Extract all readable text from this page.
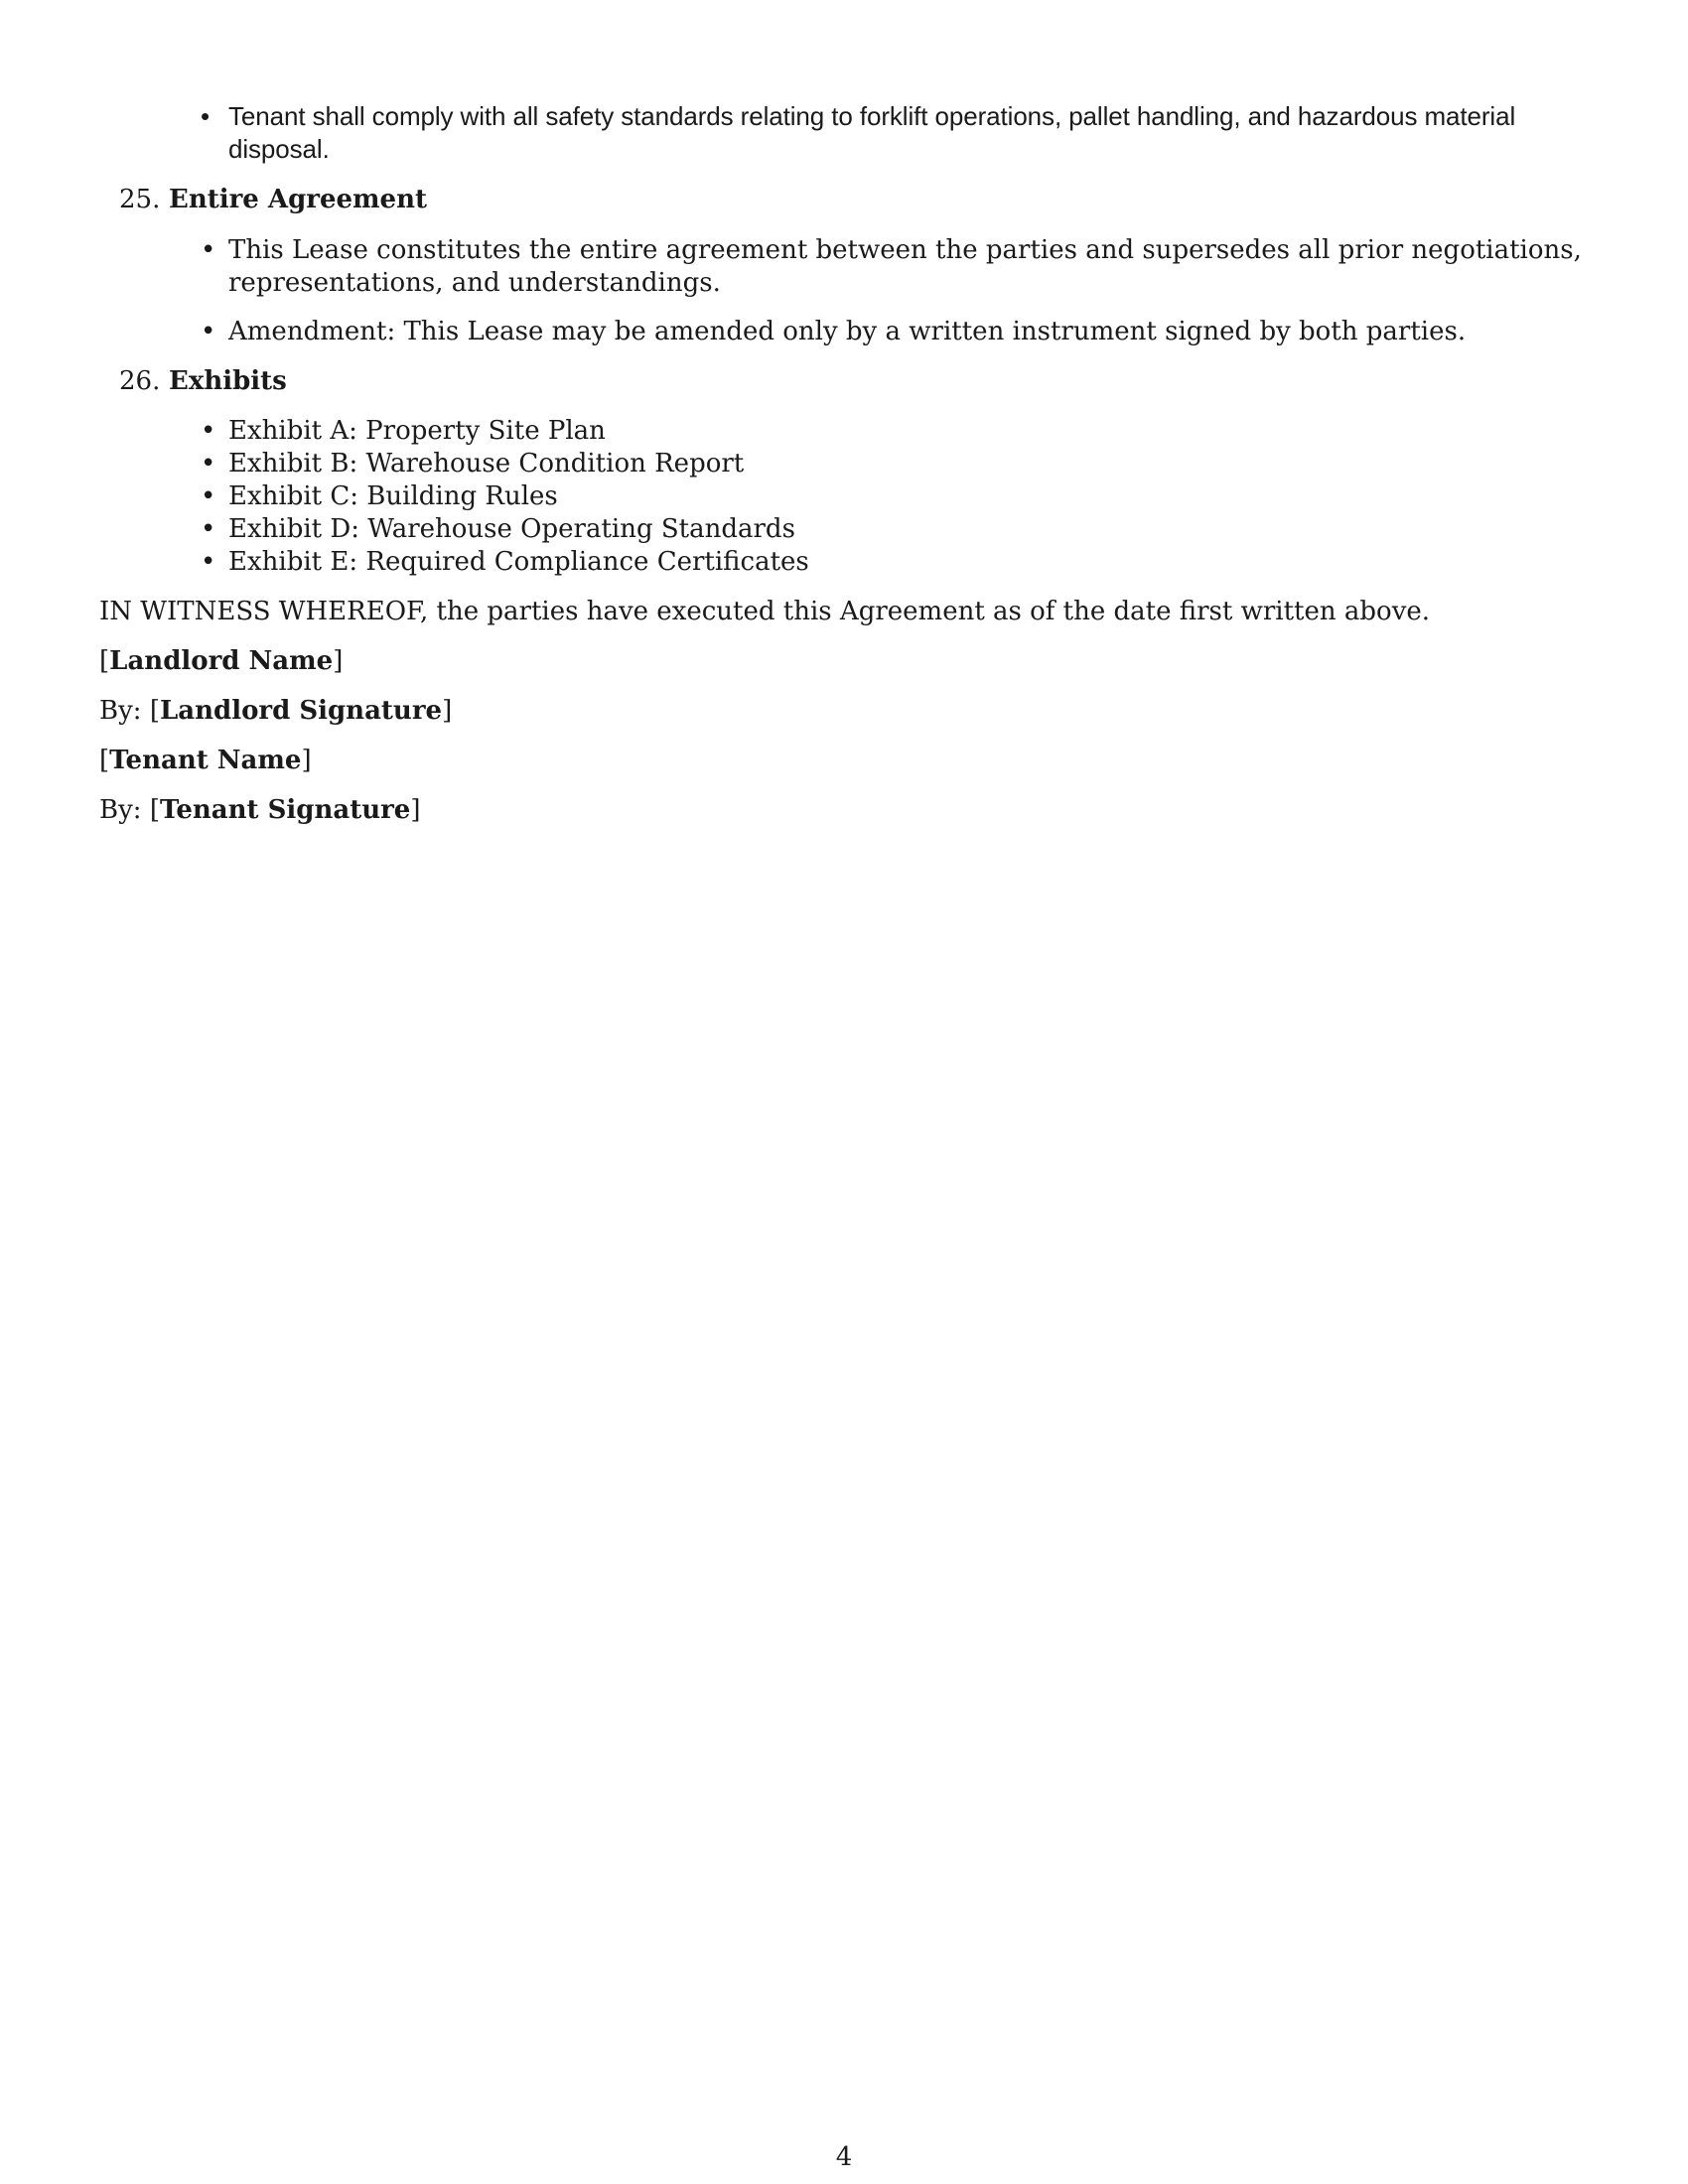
• Tenant shall comply with all safety standards relating to forklift operations, pallet handling, and hazardous material disposal.
25. Entire Agreement
• This Lease constitutes the entire agreement between the parties and supersedes all prior negotiations, representations, and understandings.
• Amendment: This Lease may be amended only by a written instrument signed by both parties.
26. Exhibits
• Exhibit A: Property Site Plan
• Exhibit B: Warehouse Condition Report
• Exhibit C: Building Rules
• Exhibit D: Warehouse Operating Standards
• Exhibit E: Required Compliance Certificates
IN WITNESS WHEREOF, the parties have executed this Agreement as of the date first written above.
[Landlord Name]
By: [Landlord Signature]
[Tenant Name]
By: [Tenant Signature]
4
